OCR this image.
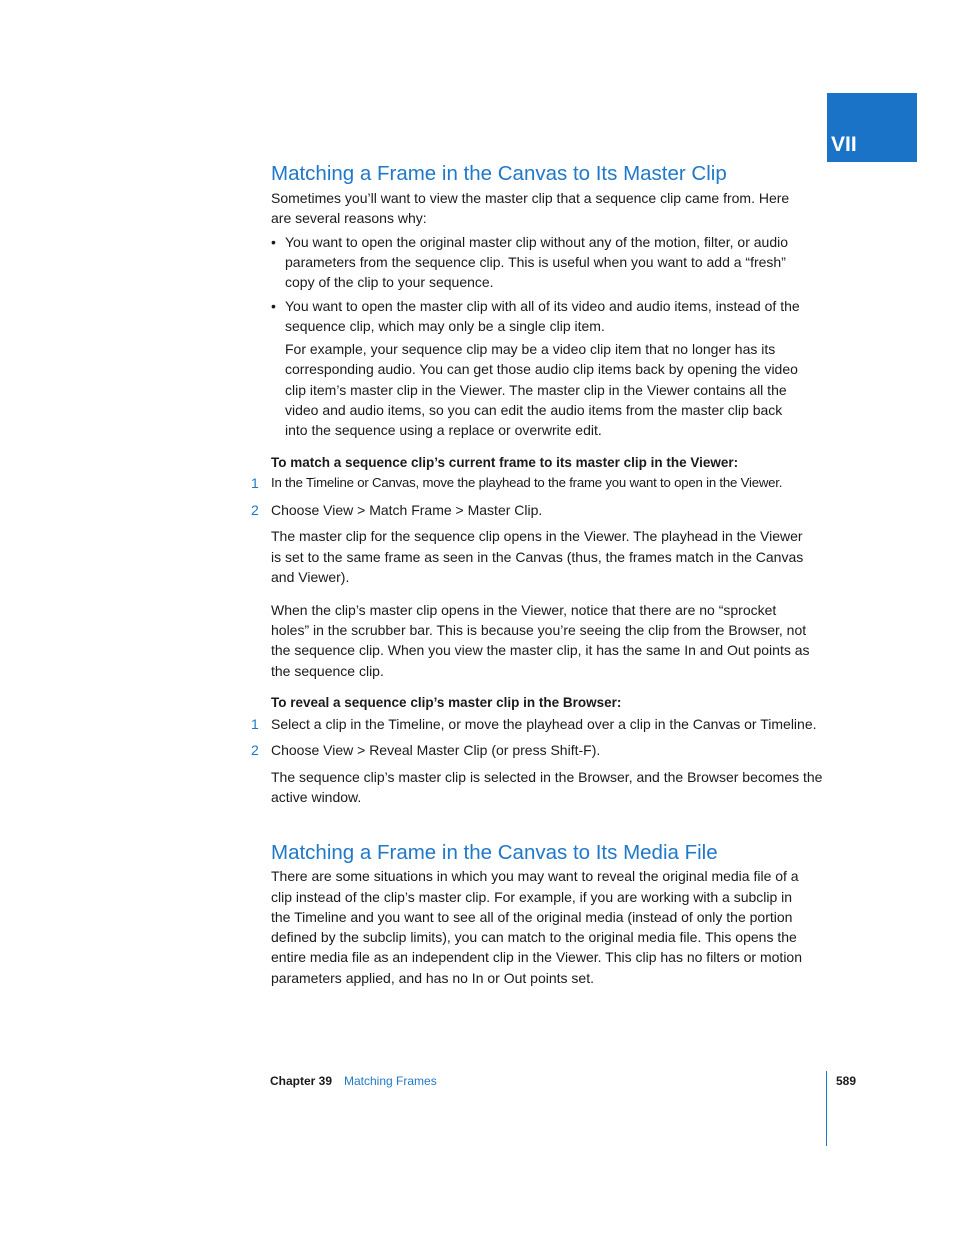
VII
Matching a Frame in the Canvas to Its Master Clip

Sometimes you’ll want to view the master clip that a sequence clip came from. Here

are several reasons why:

• You want to open the original master clip without any of the motion, filter, or audio

parameters from the sequence clip. This is useful when you want to add a “fresh”

copy of the clip to your sequence.

• You want to open the master clip with all of its video and audio items, instead of the

sequence clip, which may only be a single clip item.

For example, your sequence clip may be a video clip item that no longer has its

corresponding audio. You can get those audio clip items back by opening the video

clip item’s master clip in the Viewer. The master clip in the Viewer contains all the

video and audio items, so you can edit the audio items from the master clip back

into the sequence using a replace or overwrite edit.

To match a sequence clip’s current frame to its master clip in the Viewer:

1 In the Timeline or Canvas, move the playhead to the frame you want to open in the Viewer.

2 Choose View > Match Frame > Master Clip.

The master clip for the sequence clip opens in the Viewer. The playhead in the Viewer

is set to the same frame as seen in the Canvas (thus, the frames match in the Canvas

and Viewer).

When the clip’s master clip opens in the Viewer, notice that there are no “sprocket

holes” in the scrubber bar. This is because you’re seeing the clip from the Browser, not

the sequence clip. When you view the master clip, it has the same In and Out points as

the sequence clip.

To reveal a sequence clip’s master clip in the Browser:

1 Select a clip in the Timeline, or move the playhead over a clip in the Canvas or Timeline.

2 Choose View > Reveal Master Clip (or press Shift-F).

The sequence clip’s master clip is selected in the Browser, and the Browser becomes the

active window.

Matching a Frame in the Canvas to Its Media File

There are some situations in which you may want to reveal the original media file of a

clip instead of the clip’s master clip. For example, if you are working with a subclip in

the Timeline and you want to see all of the original media (instead of only the portion

defined by the subclip limits), you can match to the original media file. This opens the

entire media file as an independent clip in the Viewer. This clip has no filters or motion

parameters applied, and has no In or Out points set.

Chapter 39 Matching Frames	589
